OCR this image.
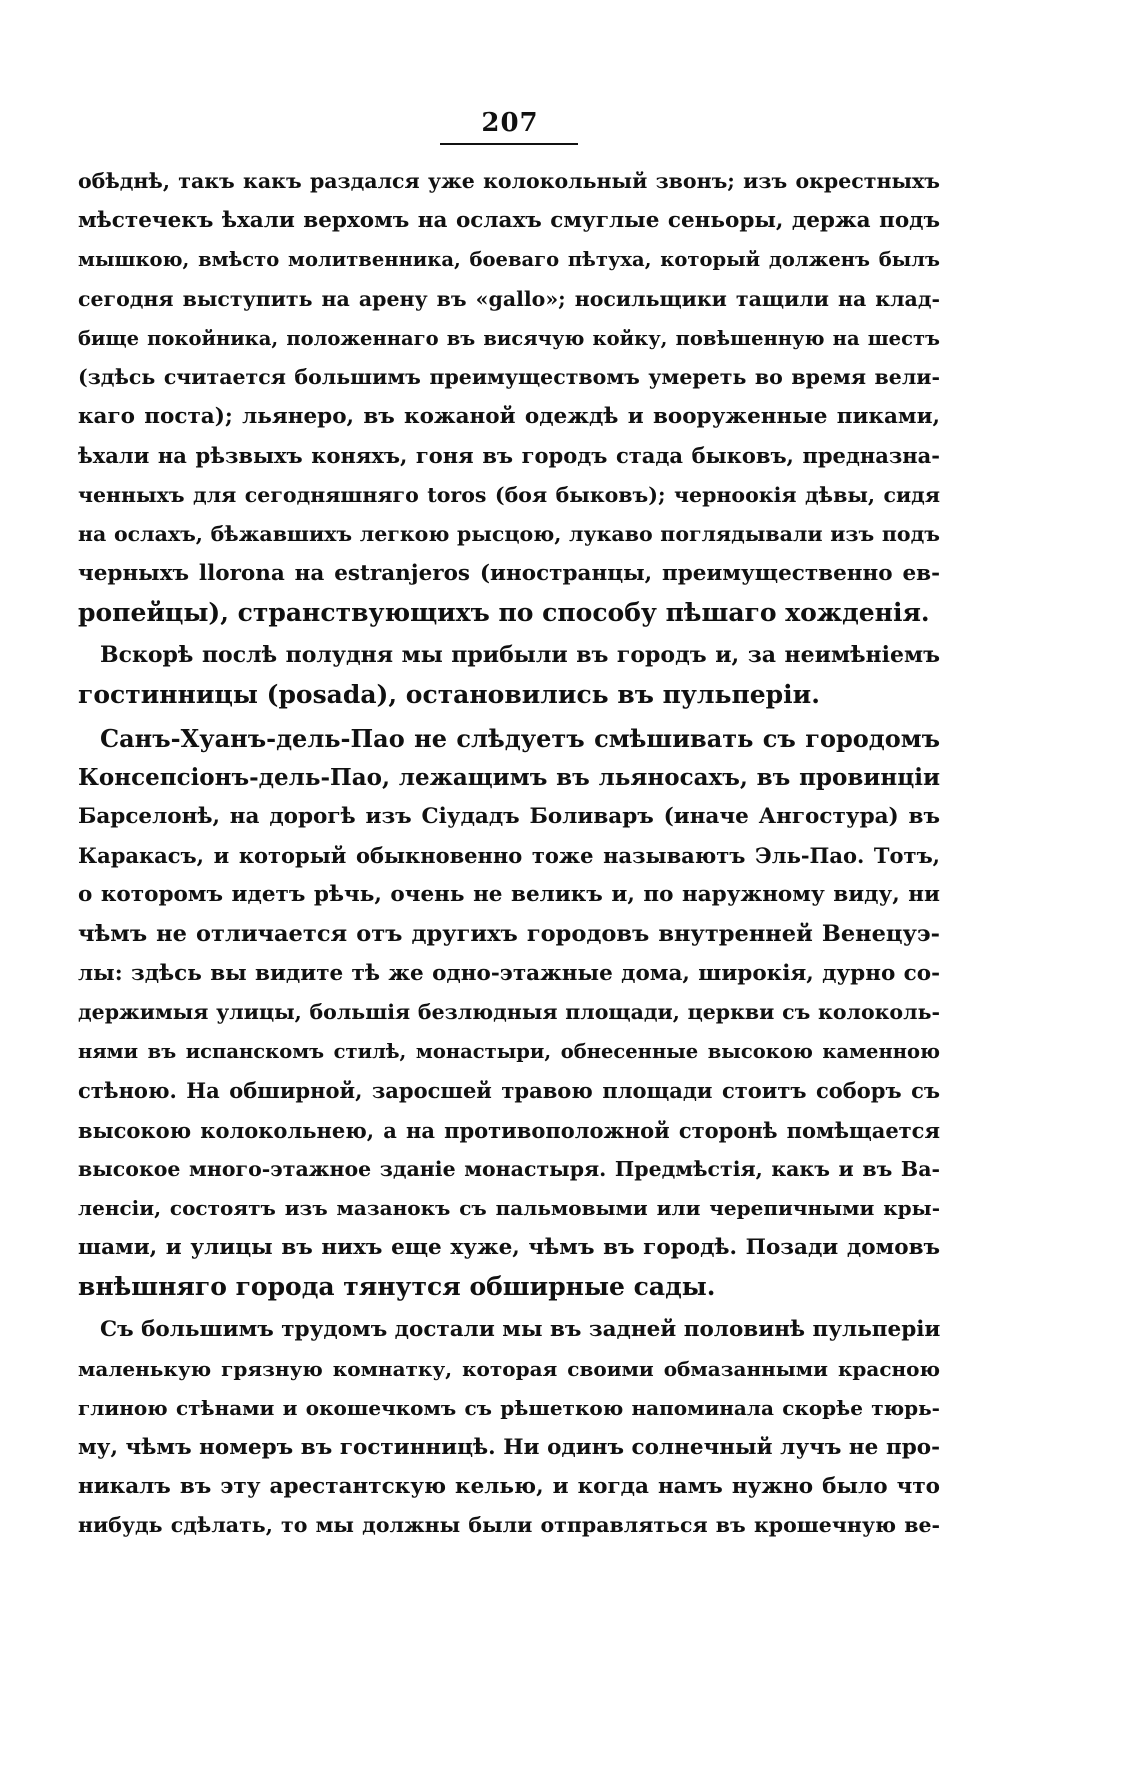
207
обѣднѣ, такъ какъ раздался уже колокольный звонъ; изъ окрестныхъ
мѣстечекъ ѣхали верхомъ на ослахъ смуглые сеньоры, держа подъ
мышкою, вмѣсто молитвенника, боеваго пѣтуха, который долженъ былъ
сегодня выступить на арену въ «gallo»; носильщики тащили на клад-
бище покойника, положеннаго въ висячую койку, повѣшенную на шестъ
(здѣсь считается большимъ преимуществомъ умереть во время вели-
каго поста); льянеро, въ кожаной одеждѣ и вооруженные пиками,
ѣхали на рѣзвыхъ коняхъ, гоня въ городъ стада быковъ, предназна-
ченныхъ для сегодняшняго toros (боя быковъ); черноокія дѣвы, сидя
на ослахъ, бѣжавшихъ легкою рысцою, лукаво поглядывали изъ подъ
черныхъ llorona на estranjeros (иностранцы, преимущественно ев-
ропейцы), странствующихъ по способу пѣшаго хожденія.
Вскорѣ послѣ полудня мы прибыли въ городъ и, за неимѣніемъ
гостинницы (posada), остановились въ пульперіи.
Санъ-Хуанъ-дель-Пао не слѣдуетъ смѣшивать съ городомъ
Консепсіонъ-дель-Пао, лежащимъ въ льяносахъ, въ провинціи
Барселонѣ, на дорогѣ изъ Сіудадъ Боливаръ (иначе Ангостура) въ
Каракасъ, и который обыкновенно тоже называютъ Эль-Пао. Тотъ,
о которомъ идетъ рѣчь, очень не великъ и, по наружному виду, ни
чѣмъ не отличается отъ другихъ городовъ внутренней Венецуэ-
лы: здѣсь вы видите тѣ же одно-этажные дома, широкія, дурно со-
держимыя улицы, большія безлюдныя площади, церкви съ колоколь-
нями въ испанскомъ стилѣ, монастыри, обнесенные высокою каменною
стѣною. На обширной, заросшей травою площади стоитъ соборъ съ
высокою колокольнею, а на противоположной сторонѣ помѣщается
высокое много-этажное зданіе монастыря. Предмѣстія, какъ и въ Ва-
ленсіи, состоятъ изъ мазанокъ съ пальмовыми или черепичными кры-
шами, и улицы въ нихъ еще хуже, чѣмъ въ городѣ. Позади домовъ
внѣшняго города тянутся обширные сады.
Съ большимъ трудомъ достали мы въ задней половинѣ пульперіи
маленькую грязную комнатку, которая своими обмазанными красною
глиною стѣнами и окошечкомъ съ рѣшеткою напоминала скорѣе тюрь-
му, чѣмъ номеръ въ гостинницѣ. Ни одинъ солнечный лучъ не про-
никалъ въ эту арестантскую келью, и когда намъ нужно было что
нибудь сдѣлать, то мы должны были отправляться въ крошечную ве-
